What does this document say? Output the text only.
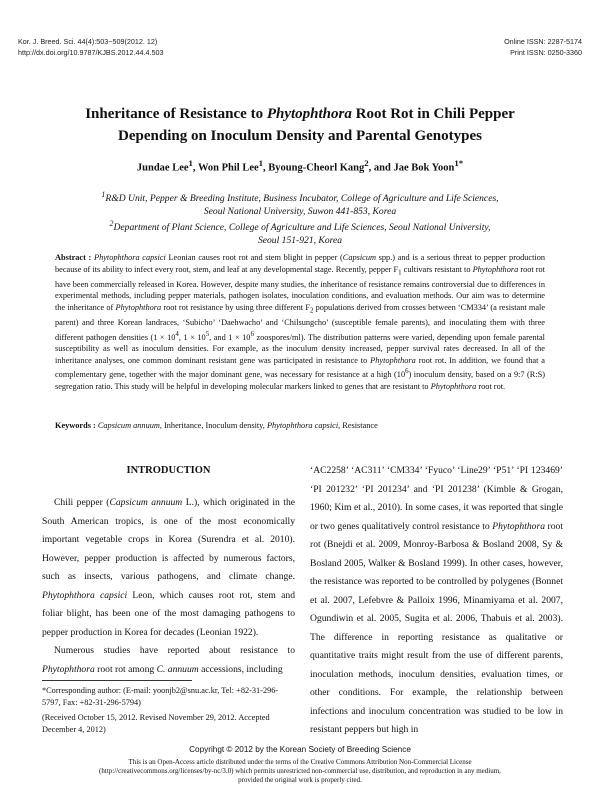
Kor. J. Breed. Sci. 44(4):503~509(2012. 12)
http://dx.doi.org/10.9787/KJBS.2012.44.4.503
Online ISSN: 2287-5174
Print ISSN: 0250-3360
Inheritance of Resistance to Phytophthora Root Rot in Chili Pepper
Depending on Inoculum Density and Parental Genotypes
Jundae Lee$^1$, Won Phil Lee$^1$, Byoung-Cheorl Kang$^2$, and Jae Bok Yoon$^{1*}$
$^1$R&D Unit, Pepper & Breeding Institute, Business Incubator, College of Agriculture and Life Sciences,
Seoul National University, Suwon 441-853, Korea
$^2$Department of Plant Science, College of Agriculture and Life Sciences, Seoul National University,
Seoul 151-921, Korea
Abstract : Phytophthora capsici Leonian causes root rot and stem blight in pepper (Capsicum spp.) and is a serious threat to pepper production because of its ability to infect every root, stem, and leaf at any developmental stage. Recently, pepper $F_1$ cultivars resistant to Phytophthora root rot have been commercially released in Korea. However, despite many studies, the inheritance of resistance remains controversial due to differences in experimental methods, including pepper materials, pathogen isolates, inoculation conditions, and evaluation methods. Our aim was to determine the inheritance of Phytophthora root rot resistance by using three different $F_2$ populations derived from crosses between ‘CM334’ (a resistant male parent) and three Korean landraces, ‘Subicho’ ‘Daehwacho’ and ‘Chilsungcho’ (susceptible female parents), and inoculating them with three different pathogen densities ($1 \times 10^4$, $1 \times 10^5$, and $1 \times 10^6$ zoospores/ml). The distribution patterns were varied, depending upon female parental susceptibility as well as inoculum densities. For example, as the inoculum density increased, pepper survival rates decreased. In all of the inheritance analyses, one common dominant resistant gene was participated in resistance to Phytophthora root rot. In addition, we found that a complementary gene, together with the major dominant gene, was necessary for resistance at a high $(10^6)$ inoculum density, based on a 9:7 (R:S) segregation ratio. This study will be helpful in developing molecular markers linked to genes that are resistant to Phytophthora root rot.
Keywords : Capsicum annuum, Inheritance, Inoculum density, Phytophthora capsici, Resistance
INTRODUCTION

Chili pepper (Capsicum annuum L.), which originated in the South American tropics, is one of the most economically important vegetable crops in Korea (Surendra et al. 2010). However, pepper production is affected by numerous factors, such as insects, various pathogens, and climate change. Phytophthora capsici Leon, which causes root rot, stem and foliar blight, has been one of the most damaging pathogens to pepper production in Korea for decades (Leonian 1922).

Numerous studies have reported about resistance to Phytophthora root rot among C. annuum accessions, including

‘AC2258’ ‘AC311’ ‘CM334’ ‘Fyuco’ ‘Line29’ ‘P51’ ‘PI 123469’ ‘PI 201232’ ‘PI 201234’ and ‘PI 201238’ (Kimble & Grogan, 1960; Kim et al., 2010). In some cases, it was reported that single or two genes qualitatively control resistance to Phytophthora root rot (Bnejdi et al. 2009, Monroy-Barbosa & Bosland 2008, Sy & Bosland 2005, Walker & Bosland 1999). In other cases, however, the resistance was reported to be controlled by polygenes (Bonnet et al. 2007, Lefebvre & Palloix 1996, Minamiyama et al. 2007, Ogundiwin et al. 2005, Sugita et al. 2006, Thabuis et al. 2003). The difference in reporting resistance as qualitative or quantitative traits might result from the use of different parents, inoculation methods, inoculum densities, evaluation times, or other conditions. For example, the relationship between infections and inoculum concentration was studied to be low in resistant peppers but high in

*Corresponding author: (E-mail: yoonjb2@snu.ac.kr, Tel: +82-31-296-5797, Fax: +82-31-296-5794)
(Received October 15, 2012. Revised November 29, 2012. Accepted December 4, 2012)
Copyrihgt © 2012 by the Korean Society of Breeding Science
This is an Open-Access article distributed under the terms of the Creative Commons Attribution Non-Commercial License
(http://creativecommons.org/licenses/by-nc/3.0) which permits unrestricted non-commercial use, distribution, and reproduction in any medium,
provided the original work is properly cited.
